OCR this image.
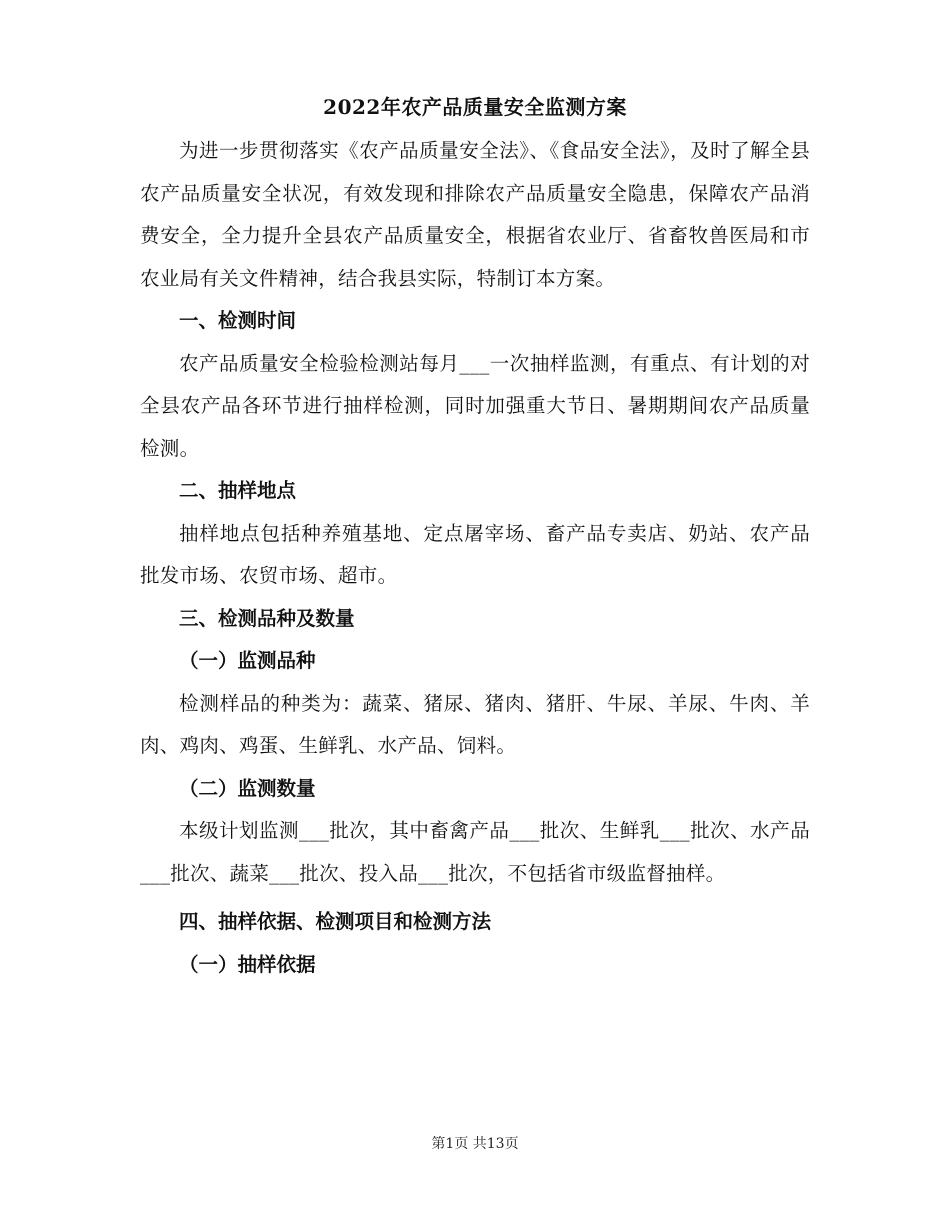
2022年农产品质量安全监测方案

为进一步贯彻落实《农产品质量安全法》、《食品安全法》，及时了解全县农产品质量安全状况，有效发现和排除农产品质量安全隐患，保障农产品消费安全，全力提升全县农产品质量安全，根据省农业厅、省畜牧兽医局和市农业局有关文件精神，结合我县实际，特制订本方案。

一、检测时间

农产品质量安全检验检测站每月___一次抽样监测，有重点、有计划的对全县农产品各环节进行抽样检测，同时加强重大节日、暑期期间农产品质量检测。

二、抽样地点

抽样地点包括种养殖基地、定点屠宰场、畜产品专卖店、奶站、农产品批发市场、农贸市场、超市。

三、检测品种及数量

（一）监测品种

检测样品的种类为：蔬菜、猪尿、猪肉、猪肝、牛尿、羊尿、牛肉、羊肉、鸡肉、鸡蛋、生鲜乳、水产品、饲料。

（二）监测数量

本级计划监测___批次，其中畜禽产品___批次、生鲜乳___批次、水产品___批次、蔬菜___批次、投入品___批次，不包括省市级监督抽样。

四、抽样依据、检测项目和检测方法

（一）抽样依据

第1页 共13页
